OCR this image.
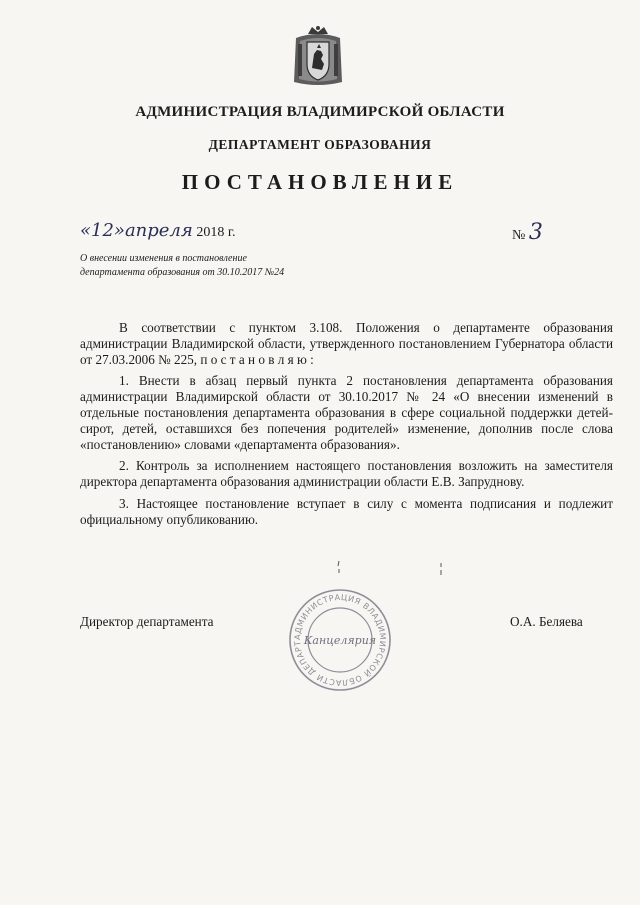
АДМИНИСТРАЦИЯ ВЛАДИМИРСКОЙ ОБЛАСТИ
ДЕПАРТАМЕНТ ОБРАЗОВАНИЯ
ПОСТАНОВЛЕНИЕ
«12»апреля 2018 г.	№ 3
О внесении изменения в постановление
департамента образования от 30.10.2017 №24

В соответствии с пунктом 3.108. Положения о департаменте образования администрации Владимирской области, утвержденного постановлением Губернатора области от 27.03.2006 № 225, п о с т а н о в л я ю :

1. Внести в абзац первый пункта 2 постановления департамента образования администрации Владимирской области от 30.10.2017 № 24 «О внесении изменений в отдельные постановления департамента образования в сфере социальной поддержки детей-сирот, детей, оставшихся без попечения родителей» изменение, дополнив после слова «постановлению» словами «департамента образования».

2. Контроль за исполнением настоящего постановления возложить на заместителя директора департамента образования администрации области Е.В. Запруднову.

3. Настоящее постановление вступает в силу с момента подписания и подлежит официальному опубликованию.

Директор департамента
АДМИНИСТРАЦИЯ ВЛАДИМИРСКОЙ ОБЛАСТИ ДЕПАРТ Канцелярия
О.А. Беляева
